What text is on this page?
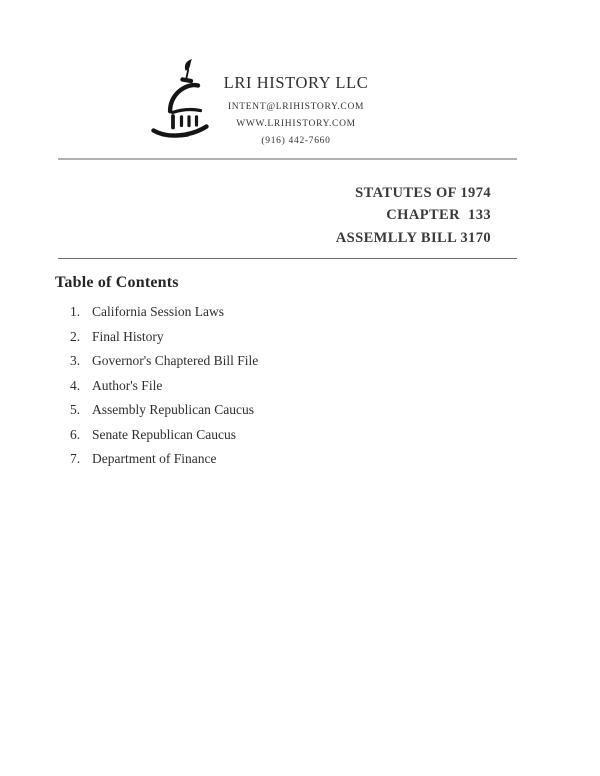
LRI HISTORY LLC
INTENT@LRIHISTORY.COM
WWW.LRIHISTORY.COM
(916) 442-7660
STATUTES OF 1974
CHAPTER  133
ASSEMLLY BILL 3170
Table of Contents
1. California Session Laws
2. Final History
3. Governor's Chaptered Bill File
4. Author's File
5. Assembly Republican Caucus
6. Senate Republican Caucus
7. Department of Finance
